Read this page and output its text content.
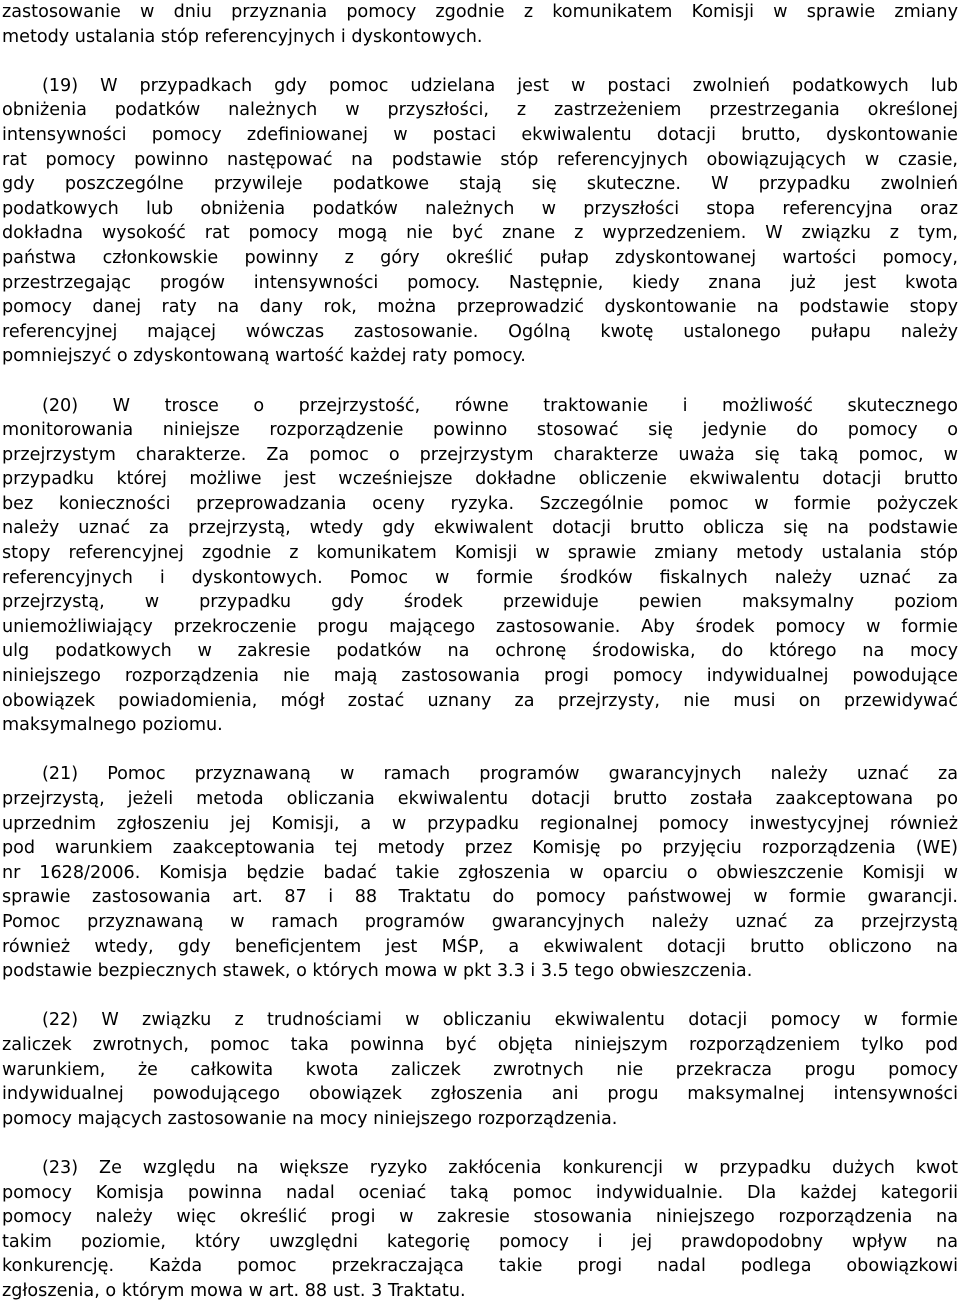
zastosowanie w dniu przyznania pomocy zgodnie z komunikatem Komisji w sprawie zmiany
metody ustalania stóp referencyjnych i dyskontowych.
(19) W przypadkach gdy pomoc udzielana jest w postaci zwolnień podatkowych lub
obniżenia podatków należnych w przyszłości, z zastrzeżeniem przestrzegania określonej
intensywności pomocy zdefiniowanej w postaci ekwiwalentu dotacji brutto, dyskontowanie
rat pomocy powinno następować na podstawie stóp referencyjnych obowiązujących w czasie,
gdy poszczególne przywileje podatkowe stają się skuteczne. W przypadku zwolnień
podatkowych lub obniżenia podatków należnych w przyszłości stopa referencyjna oraz
dokładna wysokość rat pomocy mogą nie być znane z wyprzedzeniem. W związku z tym,
państwa członkowskie powinny z góry określić pułap zdyskontowanej wartości pomocy,
przestrzegając progów intensywności pomocy. Następnie, kiedy znana już jest kwota
pomocy danej raty na dany rok, można przeprowadzić dyskontowanie na podstawie stopy
referencyjnej mającej wówczas zastosowanie. Ogólną kwotę ustalonego pułapu należy
pomniejszyć o zdyskontowaną wartość każdej raty pomocy.
(20) W trosce o przejrzystość, równe traktowanie i możliwość skutecznego
monitorowania niniejsze rozporządzenie powinno stosować się jedynie do pomocy o
przejrzystym charakterze. Za pomoc o przejrzystym charakterze uważa się taką pomoc, w
przypadku której możliwe jest wcześniejsze dokładne obliczenie ekwiwalentu dotacji brutto
bez konieczności przeprowadzania oceny ryzyka. Szczególnie pomoc w formie pożyczek
należy uznać za przejrzystą, wtedy gdy ekwiwalent dotacji brutto oblicza się na podstawie
stopy referencyjnej zgodnie z komunikatem Komisji w sprawie zmiany metody ustalania stóp
referencyjnych i dyskontowych. Pomoc w formie środków fiskalnych należy uznać za
przejrzystą, w przypadku gdy środek przewiduje pewien maksymalny poziom
uniemożliwiający przekroczenie progu mającego zastosowanie. Aby środek pomocy w formie
ulg podatkowych w zakresie podatków na ochronę środowiska, do którego na mocy
niniejszego rozporządzenia nie mają zastosowania progi pomocy indywidualnej powodujące
obowiązek powiadomienia, mógł zostać uznany za przejrzysty, nie musi on przewidywać
maksymalnego poziomu.
(21) Pomoc przyznawaną w ramach programów gwarancyjnych należy uznać za
przejrzystą, jeżeli metoda obliczania ekwiwalentu dotacji brutto została zaakceptowana po
uprzednim zgłoszeniu jej Komisji, a w przypadku regionalnej pomocy inwestycyjnej również
pod warunkiem zaakceptowania tej metody przez Komisję po przyjęciu rozporządzenia (WE)
nr 1628/2006. Komisja będzie badać takie zgłoszenia w oparciu o obwieszczenie Komisji w
sprawie zastosowania art. 87 i 88 Traktatu do pomocy państwowej w formie gwarancji.
Pomoc przyznawaną w ramach programów gwarancyjnych należy uznać za przejrzystą
również wtedy, gdy beneficjentem jest MŚP, a ekwiwalent dotacji brutto obliczono na
podstawie bezpiecznych stawek, o których mowa w pkt 3.3 i 3.5 tego obwieszczenia.
(22) W związku z trudnościami w obliczaniu ekwiwalentu dotacji pomocy w formie
zaliczek zwrotnych, pomoc taka powinna być objęta niniejszym rozporządzeniem tylko pod
warunkiem, że całkowita kwota zaliczek zwrotnych nie przekracza progu pomocy
indywidualnej powodującego obowiązek zgłoszenia ani progu maksymalnej intensywności
pomocy mających zastosowanie na mocy niniejszego rozporządzenia.
(23) Ze względu na większe ryzyko zakłócenia konkurencji w przypadku dużych kwot
pomocy Komisja powinna nadal oceniać taką pomoc indywidualnie. Dla każdej kategorii
pomocy należy więc określić progi w zakresie stosowania niniejszego rozporządzenia na
takim poziomie, który uwzględni kategorię pomocy i jej prawdopodobny wpływ na
konkurencję. Każda pomoc przekraczająca takie progi nadal podlega obowiązkowi
zgłoszenia, o którym mowa w art. 88 ust. 3 Traktatu.
